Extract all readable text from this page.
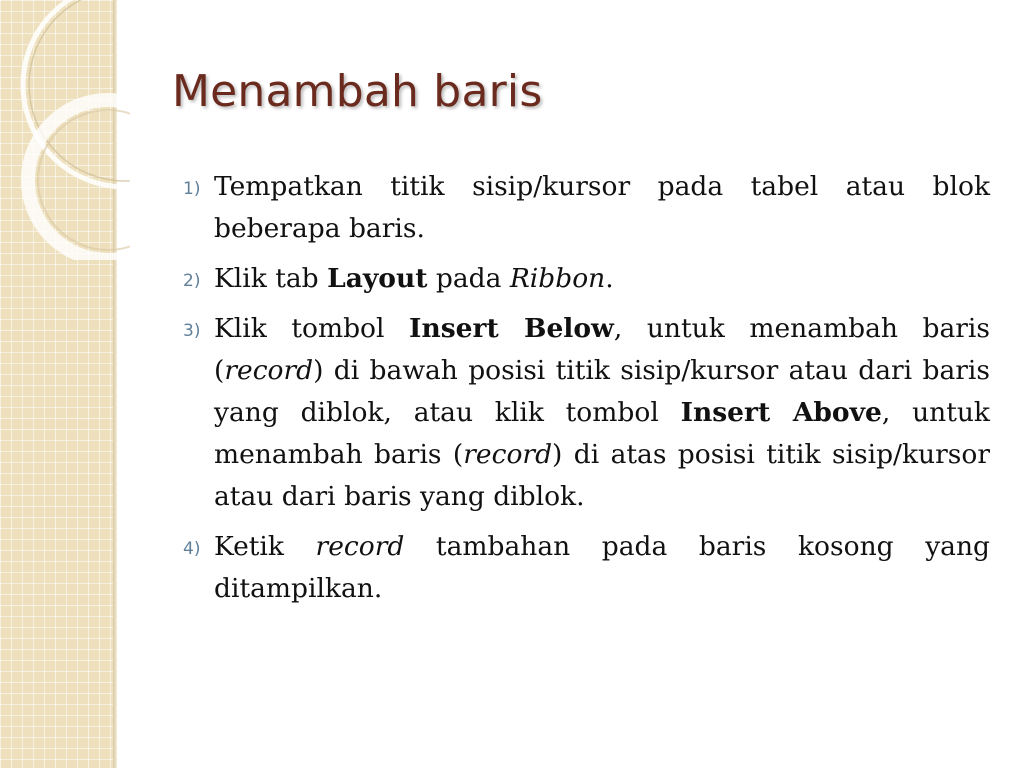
Menambah baris
1) Tempatkan titik sisip/kursor pada tabel atau blok beberapa baris.
2) Klik tab Layout pada Ribbon.
3) Klik tombol Insert Below, untuk menambah baris (record) di bawah posisi titik sisip/kursor atau dari baris yang diblok, atau klik tombol Insert Above, untuk menambah baris (record) di atas posisi titik sisip/kursor atau dari baris yang diblok.
4) Ketik record tambahan pada baris kosong yang ditampilkan.
